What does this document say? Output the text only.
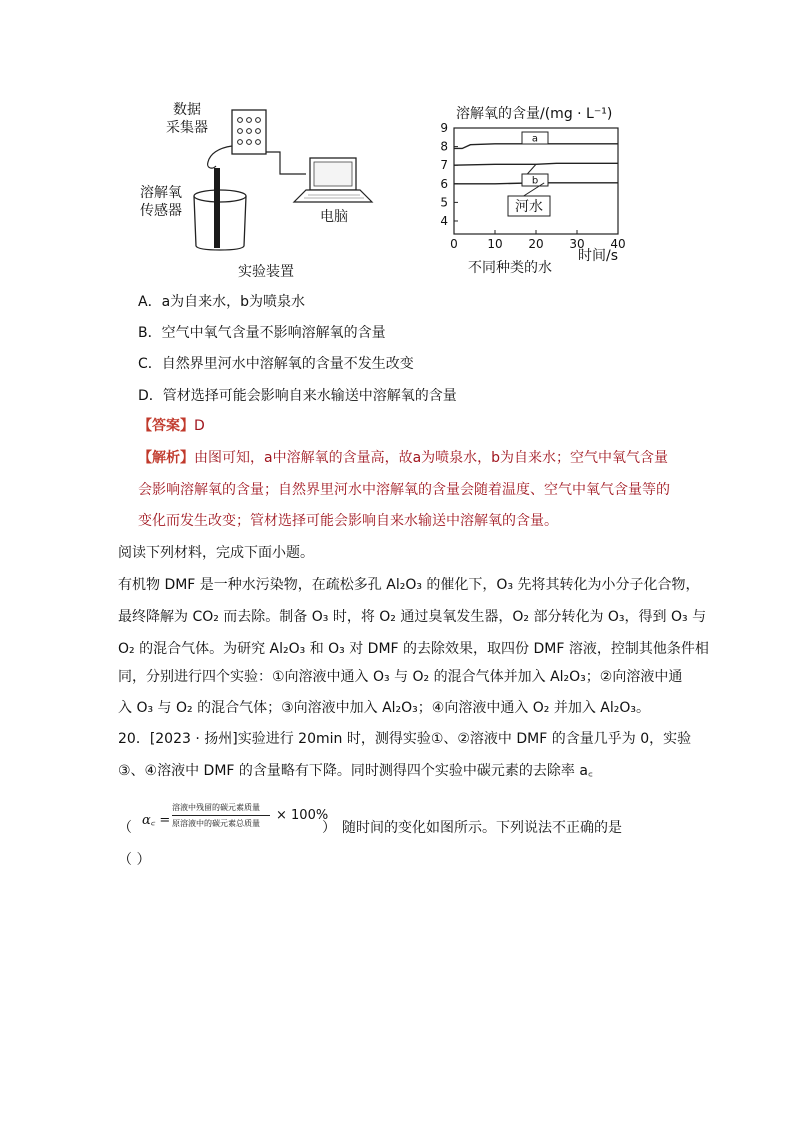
数据
采集器
溶解氧
传感器	电脑
实验装置
溶解氧的含量/(mg · L⁻¹)
9
8
7
6
5
4
0 10 20 30 40
a
b
河水
时间/s
不同种类的水
A．a为自来水，b为喷泉水
B．空气中氧气含量不影响溶解氧的含量
C．自然界里河水中溶解氧的含量不发生改变
D．管材选择可能会影响自来水输送中溶解氧的含量
【答案】D
【解析】由图可知，a中溶解氧的含量高，故a为喷泉水，b为自来水；空气中氧气含量
会影响溶解氧的含量；自然界里河水中溶解氧的含量会随着温度、空气中氧气含量等的
变化而发生改变；管材选择可能会影响自来水输送中溶解氧的含量。
阅读下列材料，完成下面小题。
有机物 DMF 是一种水污染物，在疏松多孔 Al₂O₃ 的催化下，O₃ 先将其转化为小分子化合物，
最终降解为 CO₂ 而去除。制备 O₃ 时，将 O₂ 通过臭氧发生器，O₂ 部分转化为 O₃，得到 O₃ 与
O₂ 的混合气体。为研究 Al₂O₃ 和 O₃ 对 DMF 的去除效果，取四份 DMF 溶液，控制其他条件相
同，分别进行四个实验：①向溶液中通入 O₃ 与 O₂ 的混合气体并加入 Al₂O₃；②向溶液中通
入 O₃ 与 O₂ 的混合气体；③向溶液中加入 Al₂O₃；④向溶液中通入 O₂ 并加入 Al₂O₃。
20．[2023 · 扬州]实验进行 20min 时，测得实验①、②溶液中 DMF 的含量几乎为 0，实验
③、④溶液中 DMF 的含量略有下降。同时测得四个实验中碳元素的去除率 a꜀
（ α꜀ =
溶液中残留的碳元素质量
原溶液中的碳元素总质量
× 100%
） 随时间的变化如图所示。下列说法不正确的是
（ ）
